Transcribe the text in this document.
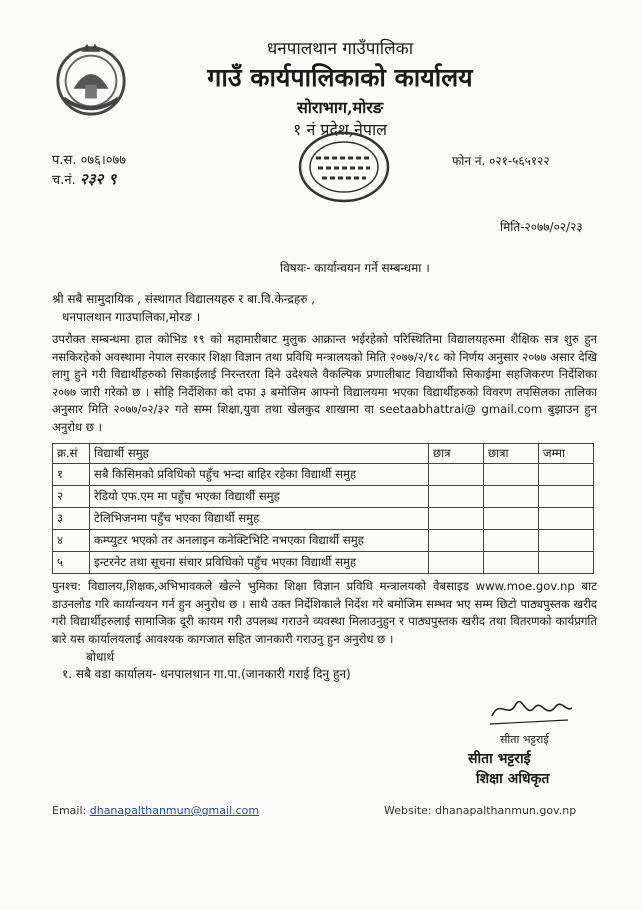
धनपालथान गाउँपालिका
गाउँ कार्यपालिकाको कार्यालय
सोराभाग,मोरङ
१ नं प्रदेश,नेपाल
प.स. ०७६।०७७
च.नं. २३२ ९
फोन नं. ०२१-५६५१२२
मिति-२०७७/०२/२३
विषयः- कार्यान्वयन गर्ने सम्बन्धमा ।
श्री सबै सामुदायिक , संस्थागत विद्यालयहरु र बा.वि.केन्द्रहरु ,
धनपालथान गाउपालिका,मोरङ ।
उपरोक्त सम्बन्धमा हाल कोभिड १९ को महामारीबाट मुलुक आक्रान्त भईरहेको परिस्थितिमा विद्यालयहरुमा शैक्षिक सत्र शुरु हुन नसकिरहेको अवस्थामा नेपाल सरकार शिक्षा विज्ञान तथा प्रविधि मन्त्रालयको मिति २०७७/२/१८ को निर्णय अनुसार २०७७ असार देखि लागु हुने गरी विद्यार्थीहरुको सिकाईलाई निरन्तरता दिने उदेश्यले वैकल्पिक प्रणालीबाट विद्यार्थीको सिकाईमा सहजिकरण निर्देशिका २०७७ जारी गरेको छ । सोहि निर्देशिका को दफा ३ बमोजिम आफ्नो विद्यालयमा भएका विद्यार्थीहरुको विवरण तपसिलका तालिका अनुसार मिति २०७७/०२/३२ गते सम्म शिक्षा,युवा तथा खेलकुद शाखामा वा seetaabhattrai@ gmail.com बुझाउन हुन अनुरोध छ ।
क्र.सं	विद्यार्थी समुह	छात्र	छात्रा	जम्मा
१	सबै किसिमको प्रविधिको पहुँच भन्दा बाहिर रहेका विद्यार्थी समुह			
२	रेडियो एफ.एम मा पहुँच भएका विद्यार्थी समुह			
३	टेलिभिजनमा पहुँच भएका विद्यार्थी समुह			
४	कम्प्युटर भएको तर अनलाइन कनेक्टिभिटि नभएका विद्यार्थी समुह			
५	इन्टरनेट तथा सूचना संचार प्रविधिको पहुँच भएका विद्यार्थी समुह			
पुनश्च: विद्यालय,शिक्षक,अभिभावकले खेल्ने भुमिका शिक्षा विज्ञान प्रविधि मन्त्रालयको वेबसाइड www.moe.gov.np बाट डाउनलोड गरि कार्यान्वयन गर्न हुन अनुरोध छ । साथै उक्त निर्देशिकाले निर्देश गरे बमोजिम सम्भव भए सम्म छिटो पाठ्यपुस्तक खरीद गरी विद्यार्थीहरुलाई सामाजिक दूरी कायम गरी उपलब्ध गराउने व्यवस्था मिलाउनुहुन र पाठ्यपुस्तक खरीद तथा वितरणको कार्यप्रगति बारे यस कार्यालयलाई आवश्यक कागजात सहित जानकारी गराउनु हुन अनुरोध छ ।
बोधार्थ
१. सबै वडा कार्यालय- धनपालथान गा.पा.(जानकारी गराई दिनु हुन)
सीता भट्टराई
सीता भट्टराई
शिक्षा अधिकृत
Email: dhanapalthanmun@gmail.com	Website: dhanapalthanmun.gov.np
